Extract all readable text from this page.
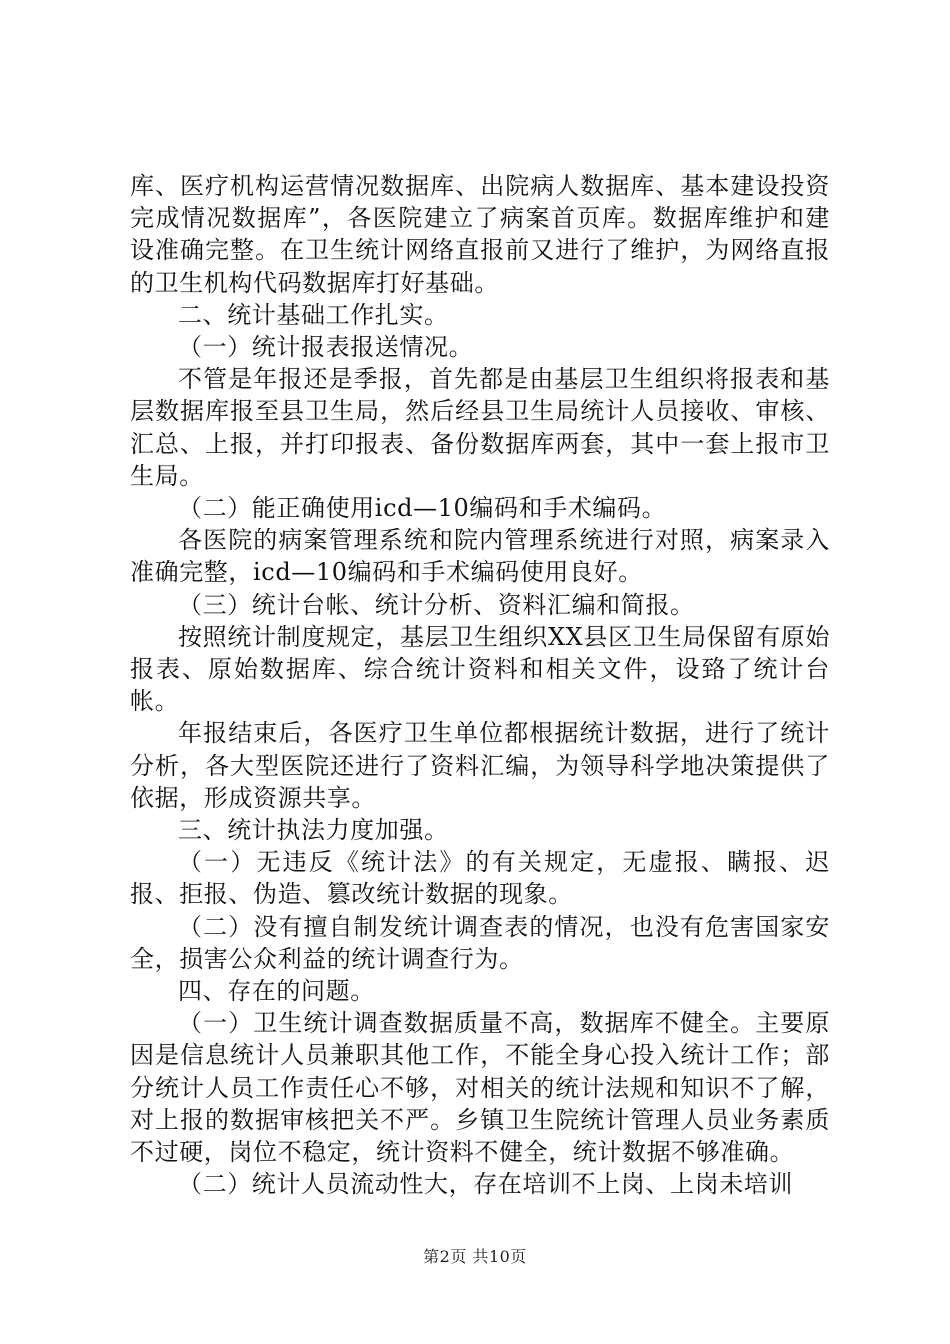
库、医疗机构运营情况数据库、出院病人数据库、基本建设投资完成情况数据库”，各医院建立了病案首页库。数据库维护和建设准确完整。在卫生统计网络直报前又进行了维护，为网络直报的卫生机构代码数据库打好基础。

二、统计基础工作扎实。

（一）统计报表报送情况。

不管是年报还是季报，首先都是由基层卫生组织将报表和基层数据库报至县卫生局，然后经县卫生局统计人员接收、审核、汇总、上报，并打印报表、备份数据库两套，其中一套上报市卫生局。

（二）能正确使用icd—10编码和手术编码。

各医院的病案管理系统和院内管理系统进行对照，病案录入准确完整，icd—10编码和手术编码使用良好。

（三）统计台帐、统计分析、资料汇编和简报。

按照统计制度规定，基层卫生组织XX县区卫生局保留有原始报表、原始数据库、综合统计资料和相关文件，设臵了统计台帐。

年报结束后，各医疗卫生单位都根据统计数据，进行了统计分析，各大型医院还进行了资料汇编，为领导科学地决策提供了依据，形成资源共享。

三、统计执法力度加强。

（一）无违反《统计法》的有关规定，无虚报、瞒报、迟报、拒报、伪造、篡改统计数据的现象。

（二）没有擅自制发统计调查表的情况，也没有危害国家安全，损害公众利益的统计调查行为。

四、存在的问题。

（一）卫生统计调查数据质量不高，数据库不健全。主要原因是信息统计人员兼职其他工作，不能全身心投入统计工作；部分统计人员工作责任心不够，对相关的统计法规和知识不了解，对上报的数据审核把关不严。乡镇卫生院统计管理人员业务素质不过硬，岗位不稳定，统计资料不健全，统计数据不够准确。

（二）统计人员流动性大，存在培训不上岗、上岗未培训

第2页 共10页
